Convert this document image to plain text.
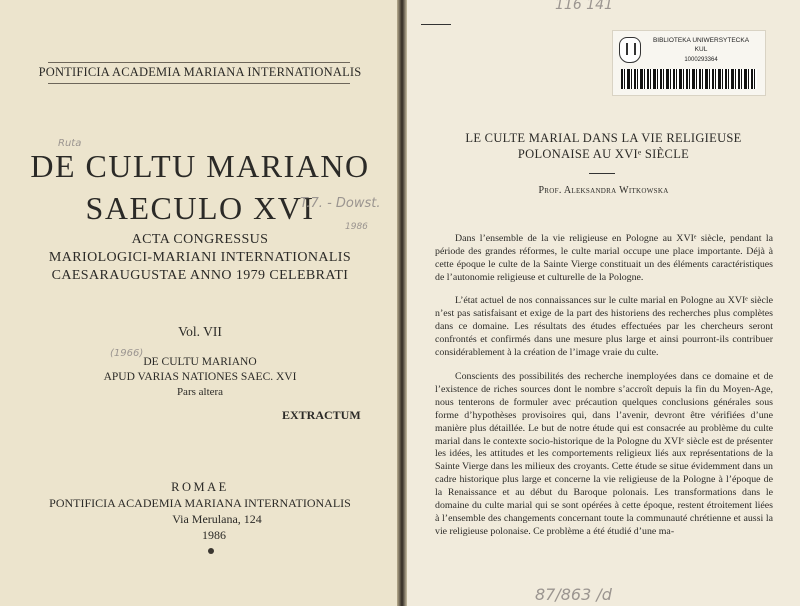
PONTIFICIA ACADEMIA MARIANA INTERNATIONALIS
Ruta
DE CULTU MARIANO
SAECULO XVI
T.7. - Dowst.
1986
ACTA CONGRESSUS
MARIOLOGICI-MARIANI INTERNATIONALIS
CAESARAUGUSTAE ANNO 1979 CELEBRATI
Vol. VII
(1966)
DE CULTU MARIANO
APUD VARIAS NATIONES SAEC. XVI
Pars altera
EXTRACTUM
ROMAE
PONTIFICIA ACADEMIA MARIANA INTERNATIONALIS
Via Merulana, 124
1986
116 141
BIBLIOTEKA UNIWERSYTECKA
KUL
1000293364
LE CULTE MARIAL DANS LA VIE RELIGIEUSE
POLONAISE AU XVIᵉ SIÈCLE
Prof. Aleksandra Witkowska

Dans l’ensemble de la vie religieuse en Pologne au XVIᵉ siècle, pendant la période des grandes réformes, le culte marial occupe une place importante. Déjà à cette époque le culte de la Sainte Vierge constituait un des éléments caractéristiques de l’autonomie religieuse et culturelle de la Pologne.

L’état actuel de nos connaissances sur le culte marial en Pologne au XVIᵉ siècle n’est pas satisfaisant et exige de la part des historiens des recherches plus complètes dans ce domaine. Les résultats des études effectuées par les chercheurs seront confrontés et confirmés dans une mesure plus large et ainsi pourront-ils contribuer considérablement à la création de l’image vraie du culte.

Conscients des possibilités des recherche inemployées dans ce domaine et de l’existence de riches sources dont le nombre s’accroît depuis la fin du Moyen-Age, nous tenterons de formuler avec précaution quelques conclusions générales sous forme d’hypothèses provisoires qui, dans l’avenir, devront être vérifiées d’une manière plus détaillée. Le but de notre étude qui est consacrée au problème du culte marial dans le contexte socio-historique de la Pologne du XVIᵉ siècle est de présenter les idées, les attitudes et les comportements religieux liés aux représentations de la Sainte Vierge dans les milieux des croyants. Cette étude se situe évidemment dans un cadre historique plus large et concerne la vie religieuse de la Pologne à l’époque de la Renaissance et au début du Baroque polonais. Les transformations dans le domaine du culte marial qui se sont opérées à cette époque, restent étroitement liées à l’ensemble des changements concernant toute la communauté chrétienne et aussi la vie religieuse polonaise. Ce problème a été étudié d’une ma-

87/863 /d
